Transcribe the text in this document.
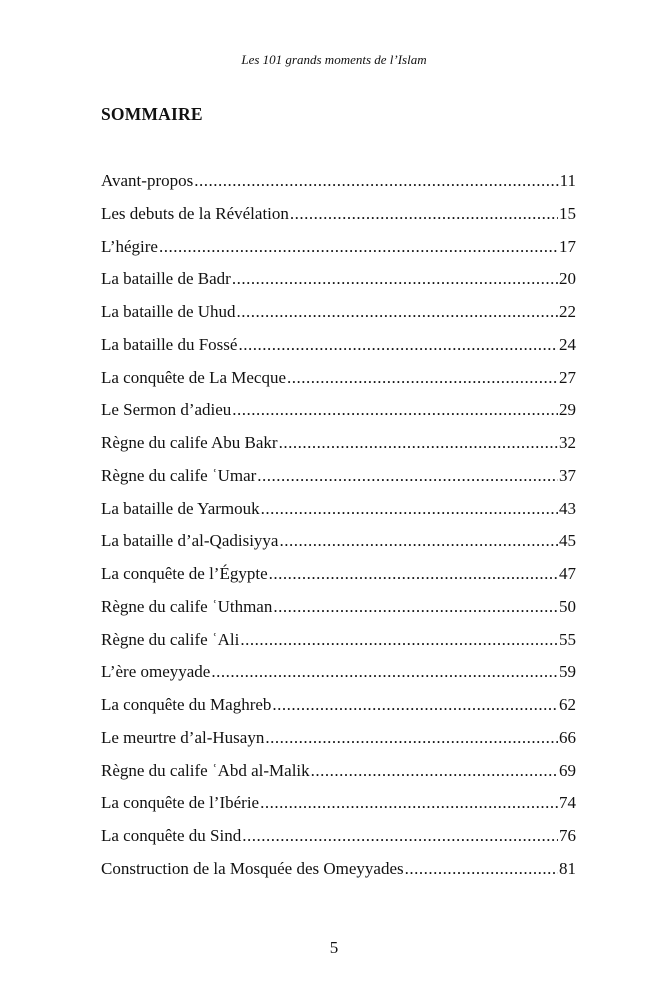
Les 101 grands moments de l’Islam
SOMMAIRE
Avant-propos .....	11
Les debuts de la Révélation .....	15
L’hégire .....	17
La bataille de Badr .....	20
La bataille de Uhud .....	22
La bataille du Fossé .....	24
La conquête de La Mecque .....	27
Le Sermon d’adieu .....	29
Règne du calife Abu Bakr .....	32
Règne du calife ʿUmar .....	37
La bataille de Yarmouk .....	43
La bataille d’al-Qadisiyya .....	45
La conquête de l’Égypte .....	47
Règne du calife ʿUthman .....	50
Règne du calife ʿAli .....	55
L’ère omeyyade .....	59
La conquête du Maghreb .....	62
Le meurtre d’al-Husayn .....	66
Règne du calife ʿAbd al-Malik .....	69
La conquête de l’Ibérie .....	74
La conquête du Sind .....	76
Construction de la Mosquée des Omeyyades .....	81
5
